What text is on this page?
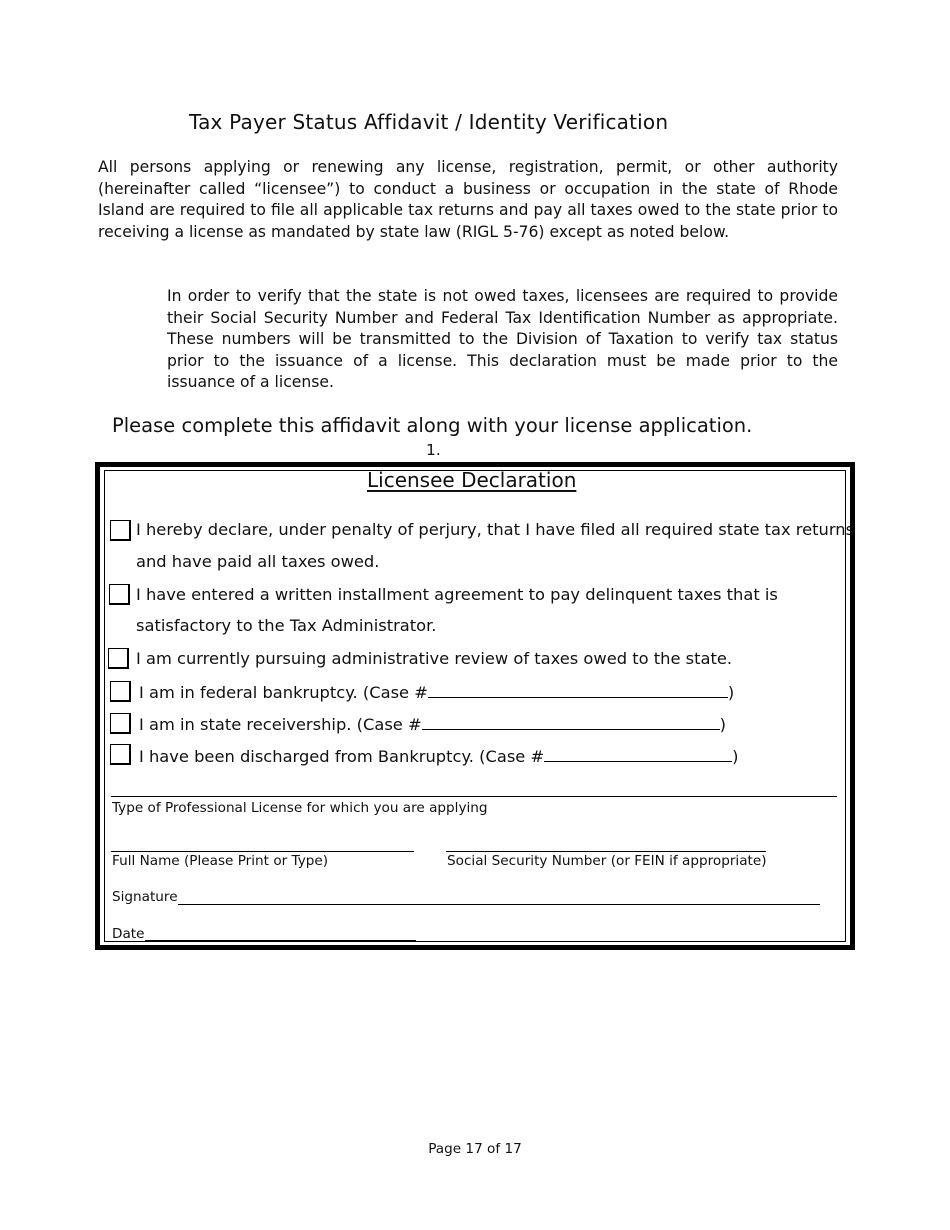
Tax Payer Status Affidavit / Identity Verification
All persons applying or renewing any license, registration, permit, or other authority (hereinafter called “licensee”) to conduct a business or occupation in the state of Rhode Island are required to file all applicable tax returns and pay all taxes owed to the state prior to receiving a license as mandated by state law (RIGL 5-76) except as noted below.
In order to verify that the state is not owed taxes, licensees are required to provide their Social Security Number and Federal Tax Identification Number as appropriate. These numbers will be transmitted to the Division of Taxation to verify tax status prior to the issuance of a license. This declaration must be made prior to the issuance of a license.
Please complete this affidavit along with your license application.
1.
Licensee Declaration
I hereby declare, under penalty of perjury, that I have filed all required state tax returns
and have paid all taxes owed.
I have entered a written installment agreement to pay delinquent taxes that is
satisfactory to the Tax Administrator.
I am currently pursuing administrative review of taxes owed to the state.
I am in federal bankruptcy. (Case #	)
I am in state receivership. (Case #	)
I have been discharged from Bankruptcy. (Case #	)
Type of Professional License for which you are applying
Full Name (Please Print or Type)	Social Security Number (or FEIN if appropriate)
Signature
Date
Page 17 of 17
